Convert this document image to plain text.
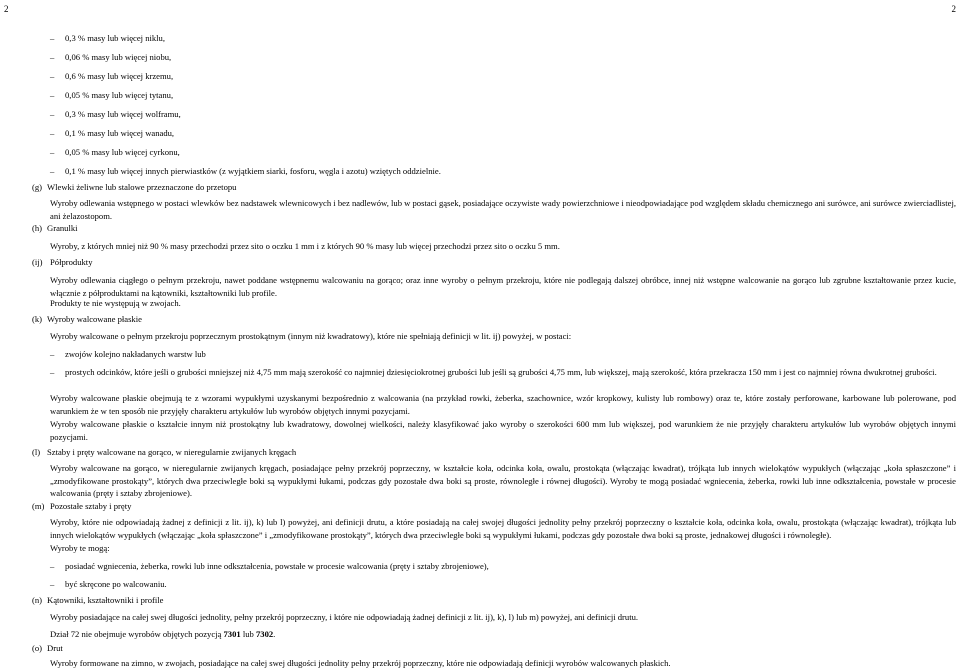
2	2
– 0,3 % masy lub więcej niklu,
– 0,06 % masy lub więcej niobu,
– 0,6 % masy lub więcej krzemu,
– 0,05 % masy lub więcej tytanu,
– 0,3 % masy lub więcej wolframu,
– 0,1 % masy lub więcej wanadu,
– 0,05 % masy lub więcej cyrkonu,
– 0,1 % masy lub więcej innych pierwiastków (z wyjątkiem siarki, fosforu, węgla i azotu) wziętych oddzielnie.
(g) Wlewki żeliwne lub stalowe przeznaczone do przetopu
Wyroby odlewania wstępnego w postaci wlewków bez nadstawek wlewnicowych i bez nadlewów, lub w postaci gąsek, posiadające oczywiste wady powierzchniowe i nieodpowiadające pod względem składu chemicznego ani surówce, ani surówce zwierciadlistej, ani żelazostopom.
(h) Granulki
Wyroby, z których mniej niż 90 % masy przechodzi przez sito o oczku 1 mm i z których 90 % masy lub więcej przechodzi przez sito o oczku 5 mm.
(ij) Półprodukty
Wyroby odlewania ciągłego o pełnym przekroju, nawet poddane wstępnemu walcowaniu na gorąco; oraz inne wyroby o pełnym przekroju, które nie podlegają dalszej obróbce, innej niż wstępne walcowanie na gorąco lub zgrubne kształtowanie przez kucie, włącznie z półproduktami na kątowniki, kształtowniki lub profile.
Produkty te nie występują w zwojach.
(k) Wyroby walcowane płaskie
Wyroby walcowane o pełnym przekroju poprzecznym prostokątnym (innym niż kwadratowy), które nie spełniają definicji w lit. ij) powyżej, w postaci:
– zwojów kolejno nakładanych warstw lub
– prostych odcinków, które jeśli o grubości mniejszej niż 4,75 mm mają szerokość co najmniej dziesięciokrotnej grubości lub jeśli są grubości 4,75 mm, lub większej, mają szerokość, która przekracza 150 mm i jest co najmniej równa dwukrotnej grubości.
Wyroby walcowane płaskie obejmują te z wzorami wypukłymi uzyskanymi bezpośrednio z walcowania (na przykład rowki, żeberka, szachownice, wzór kropkowy, kulisty lub rombowy) oraz te, które zostały perforowane, karbowane lub polerowane, pod warunkiem że w ten sposób nie przyjęły charakteru artykułów lub wyrobów objętych innymi pozycjami.
Wyroby walcowane płaskie o kształcie innym niż prostokątny lub kwadratowy, dowolnej wielkości, należy klasyfikować jako wyroby o szerokości 600 mm lub większej, pod warunkiem że nie przyjęły charakteru artykułów lub wyrobów objętych innymi pozycjami.
(l) Sztaby i pręty walcowane na gorąco, w nieregularnie zwijanych kręgach
Wyroby walcowane na gorąco, w nieregularnie zwijanych kręgach, posiadające pełny przekrój poprzeczny, w kształcie koła, odcinka koła, owalu, prostokąta (włączając kwadrat), trójkąta lub innych wielokątów wypukłych (włączając „koła spłaszczone” i „zmodyfikowane prostokąty”, których dwa przeciwległe boki są wypukłymi łukami, podczas gdy pozostałe dwa boki są proste, równoległe i równej długości). Wyroby te mogą posiadać wgniecenia, żeberka, rowki lub inne odkształcenia, powstałe w procesie walcowania (pręty i sztaby zbrojeniowe).
(m) Pozostałe sztaby i pręty
Wyroby, które nie odpowiadają żadnej z definicji z lit. ij), k) lub l) powyżej, ani definicji drutu, a które posiadają na całej swojej długości jednolity pełny przekrój poprzeczny o kształcie koła, odcinka koła, owalu, prostokąta (włączając kwadrat), trójkąta lub innych wielokątów wypukłych (włączając „koła spłaszczone” i „zmodyfikowane prostokąty”, których dwa przeciwległe boki są wypukłymi łukami, podczas gdy pozostałe dwa boki są proste, jednakowej długości i równoległe).
Wyroby te mogą:
– posiadać wgniecenia, żeberka, rowki lub inne odkształcenia, powstałe w procesie walcowania (pręty i sztaby zbrojeniowe),
– być skręcone po walcowaniu.
(n) Kątowniki, kształtowniki i profile
Wyroby posiadające na całej swej długości jednolity, pełny przekrój poprzeczny, i które nie odpowiadają żadnej definicji z lit. ij), k), l) lub m) powyżej, ani definicji drutu.
Dział 72 nie obejmuje wyrobów objętych pozycją 7301 lub 7302.
(o) Drut
Wyroby formowane na zimno, w zwojach, posiadające na całej swej długości jednolity pełny przekrój poprzeczny, które nie odpowiadają definicji wyrobów walcowanych płaskich.
